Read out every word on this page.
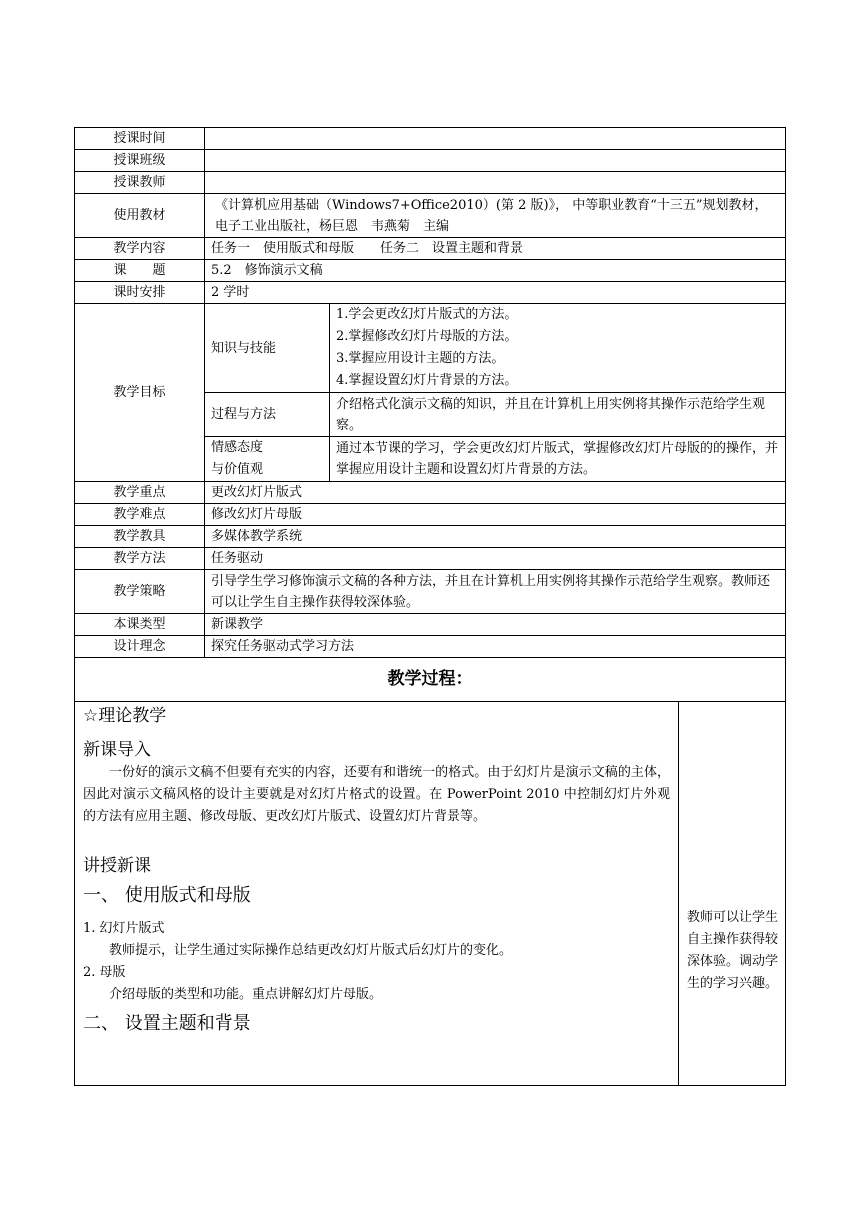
授课时间		
授课班级		
授课教师		
使用教材	《计算机应用基础（Windows7+Office2010）(第 2 版)》， 中等职业教育“十三五”规划教材，电子工业出版社，杨巨恩　韦燕菊　主编	
教学内容	任务一　使用版式和母版　　任务二　设置主题和背景	
课　　题	5.2　修饰演示文稿	
课时安排	2 学时	
教学目标	知识与技能	1.学会更改幻灯片版式的方法。
2.掌握修改幻灯片母版的方法。
3.掌握应用设计主题的方法。
4.掌握设置幻灯片背景的方法。

	过程与方法	介绍格式化演示文稿的知识，并且在计算机上用实例将其操作示范给学生观察。

	情感态度
与价值观	通过本节课的学习，学会更改幻灯片版式，掌握修改幻灯片母版的的操作，并掌握应用设计主题和设置幻灯片背景的方法。
教学重点	更改幻灯片版式	
教学难点	修改幻灯片母版	
教学教具	多媒体教学系统	
教学方法	任务驱动	
教学策略	引导学生学习修饰演示文稿的各种方法，并且在计算机上用实例将其操作示范给学生观察。教师还可以让学生自主操作获得较深体验。	
本课类型	新课教学	
设计理念	探究任务驱动式学习方法	
教学过程：
☆理论教学
新课导入
一份好的演示文稿不但要有充实的内容，还要有和谐统一的格式。由于幻灯片是演示文稿的主体，因此对演示文稿风格的设计主要就是对幻灯片格式的设置。在 PowerPoint 2010 中控制幻灯片外观的方法有应用主题、修改母版、更改幻灯片版式、设置幻灯片背景等。
讲授新课
一、 使用版式和母版
1. 幻灯片版式
教师提示，让学生通过实际操作总结更改幻灯片版式后幻灯片的变化。
2. 母版
介绍母版的类型和功能。重点讲解幻灯片母版。
二、 设置主题和背景
教师可以让学生自主操作获得较深体验。调动学生的学习兴趣。
